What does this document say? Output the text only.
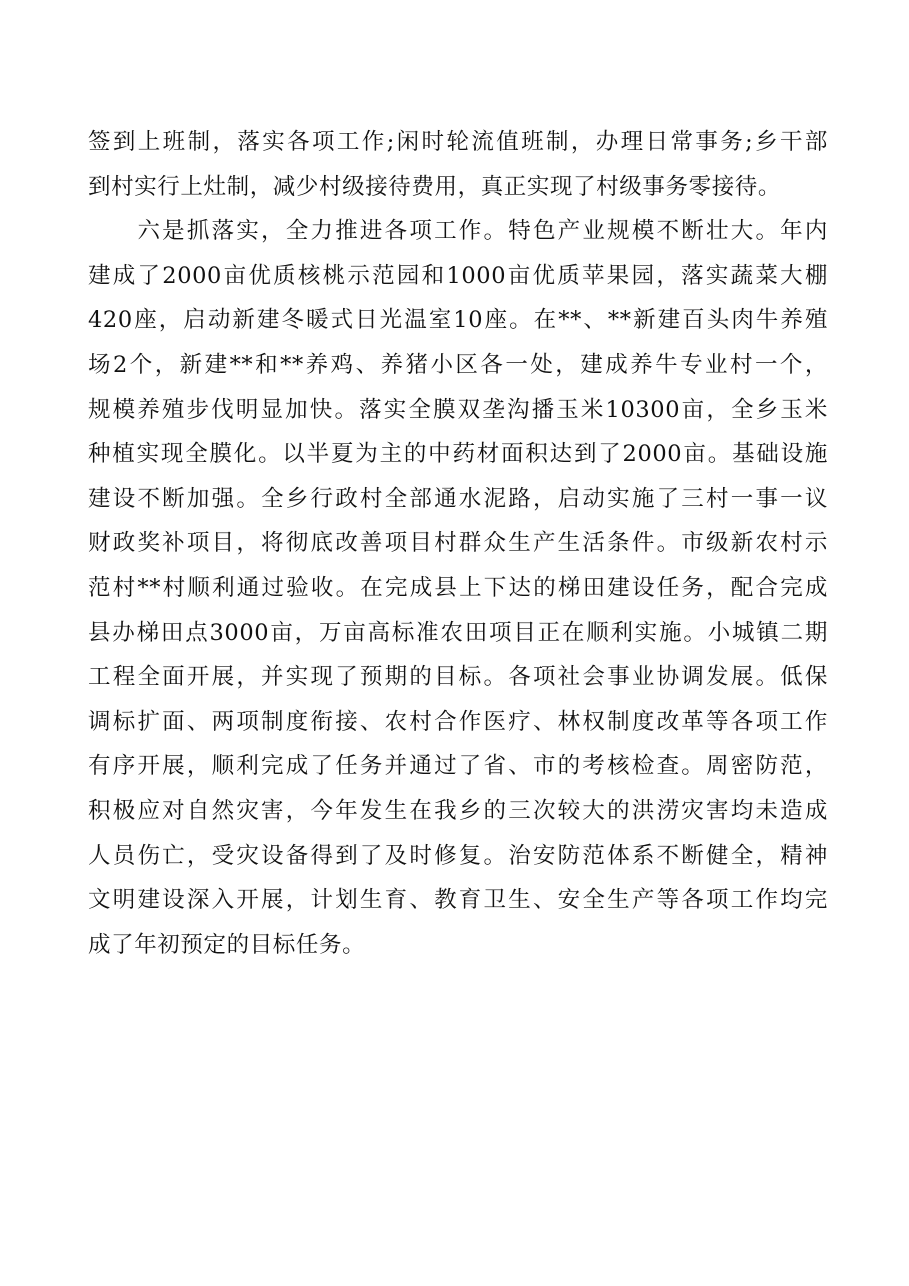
签到上班制，落实各项工作;闲时轮流值班制，办理日常事务;乡干部
到村实行上灶制，减少村级接待费用，真正实现了村级事务零接待。
　　六是抓落实，全力推进各项工作。特色产业规模不断壮大。年内
建成了2000亩优质核桃示范园和1000亩优质苹果园，落实蔬菜大棚
420座，启动新建冬暖式日光温室10座。在**、**新建百头肉牛养殖
场2个，新建**和**养鸡、养猪小区各一处，建成养牛专业村一个，
规模养殖步伐明显加快。落实全膜双垄沟播玉米10300亩，全乡玉米
种植实现全膜化。以半夏为主的中药材面积达到了2000亩。基础设施
建设不断加强。全乡行政村全部通水泥路，启动实施了三村一事一议
财政奖补项目，将彻底改善项目村群众生产生活条件。市级新农村示
范村**村顺利通过验收。在完成县上下达的梯田建设任务，配合完成
县办梯田点3000亩，万亩高标准农田项目正在顺利实施。小城镇二期
工程全面开展，并实现了预期的目标。各项社会事业协调发展。低保
调标扩面、两项制度衔接、农村合作医疗、林权制度改革等各项工作
有序开展，顺利完成了任务并通过了省、市的考核检查。周密防范，
积极应对自然灾害，今年发生在我乡的三次较大的洪涝灾害均未造成
人员伤亡，受灾设备得到了及时修复。治安防范体系不断健全，精神
文明建设深入开展，计划生育、教育卫生、安全生产等各项工作均完
成了年初预定的目标任务。
